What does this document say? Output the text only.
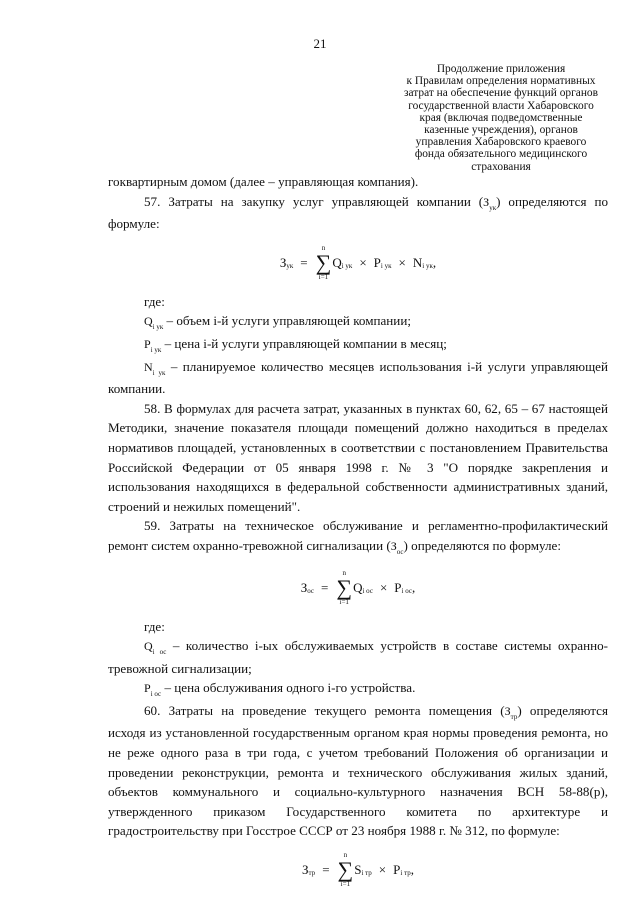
21
Продолжение приложения
к Правилам определения нормативных
затрат на обеспечение функций органов
государственной власти Хабаровского
края (включая подведомственные
казенные учреждения), органов
управления Хабаровского краевого
фонда обязательного медицинского
страхования

гоквартирным домом (далее – управляющая компания).

57. Затраты на закупку услуг управляющей компании $(З_{ук})$ определяются по формуле:

З ук =
n
∑
i=1
Q i ук × P i ук × N i ук ,

где:

$Q_{i ук}$ – объем i-й услуги управляющей компании;

$P_{i ук}$ – цена i-й услуги управляющей компании в месяц;

$N_{i ук}$ – планируемое количество месяцев использования i-й услуги управляющей компании.

58. В формулах для расчета затрат, указанных в пунктах 60, 62, 65 – 67 настоящей Методики, значение показателя площади помещений должно находиться в пределах нормативов площадей, установленных в соответствии с постановлением Правительства Российской Федерации от 05 января 1998 г. № 3 "О порядке закрепления и использования находящихся в федеральной собственности административных зданий, строений и нежилых помещений".

59. Затраты на техническое обслуживание и регламентно-профилактический ремонт систем охранно-тревожной сигнализации $(З_{ос})$ определяются по формуле:

З ос =
n
∑
i=1
Q i ос × P i ос ,

где:

$Q_{i ос}$ – количество i-ых обслуживаемых устройств в составе системы охранно-тревожной сигнализации;

$P_{i ос}$ – цена обслуживания одного i-го устройства.

60. Затраты на проведение текущего ремонта помещения $(З_{тр})$ определяются исходя из установленной государственным органом края нормы проведения ремонта, но не реже одного раза в три года, с учетом требований Положения об организации и проведении реконструкции, ремонта и технического обслуживания жилых зданий, объектов коммунального и социально-культурного назначения ВСН 58-88(р), утвержденного приказом Государственного комитета по архитектуре и градостроительству при Госстрое СССР от 23 ноября 1988 г. № 312, по формуле:

З тр =
n
∑
i=1
S i тр × P i тр ,
